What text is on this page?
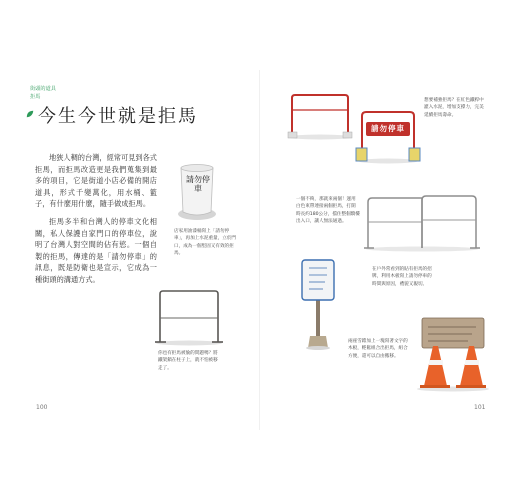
街頭的道具
拒馬
今生今世就是拒馬

地狹人稠的台灣，經常可見到各式拒馬，而拒馬改造更是我們蒐集到最多的項目，它是街道小店必備的開店道具，形式千變萬化，用水桶、籃子，有什麼用什麼，隨手做成拒馬。

拒馬多半和台灣人的停車文化相關，私人保護自家門口的停車位，說明了台灣人對空間的佔有慾。一個自製的拒馬，傳達的是「請勿停車」的訊息，既是防衛也是宣示，它成為一種街頭的溝通方式。

請勿停車
店家用油漆桶寫上「請勿停車」，再加上水泥重量，立於門口，成為一個堅固又有效的拒馬。
你也有拒馬被偷的問題嗎？將鐵架鎖在柱子上，就不怕被移走了。
100
請勿停車
想要補強拒馬？在紅色鐵桿中灌入水泥，增加支撐力，完美延續拒馬壽命。
一個不夠，那就來兩個！運用白色束帶連接兩個拒馬，打開時長約180公分，擋住整個騎樓出入口，讓人無法通過。
在戶外常看到的貼有拒馬的招牌，利用木板寫上請勿停車的時間與原因，禮貌又親切。
兩座雪錐加上一塊寫著文字的木板，輕鬆組合出拒馬，組合方便，還可以自由搬移。
101
